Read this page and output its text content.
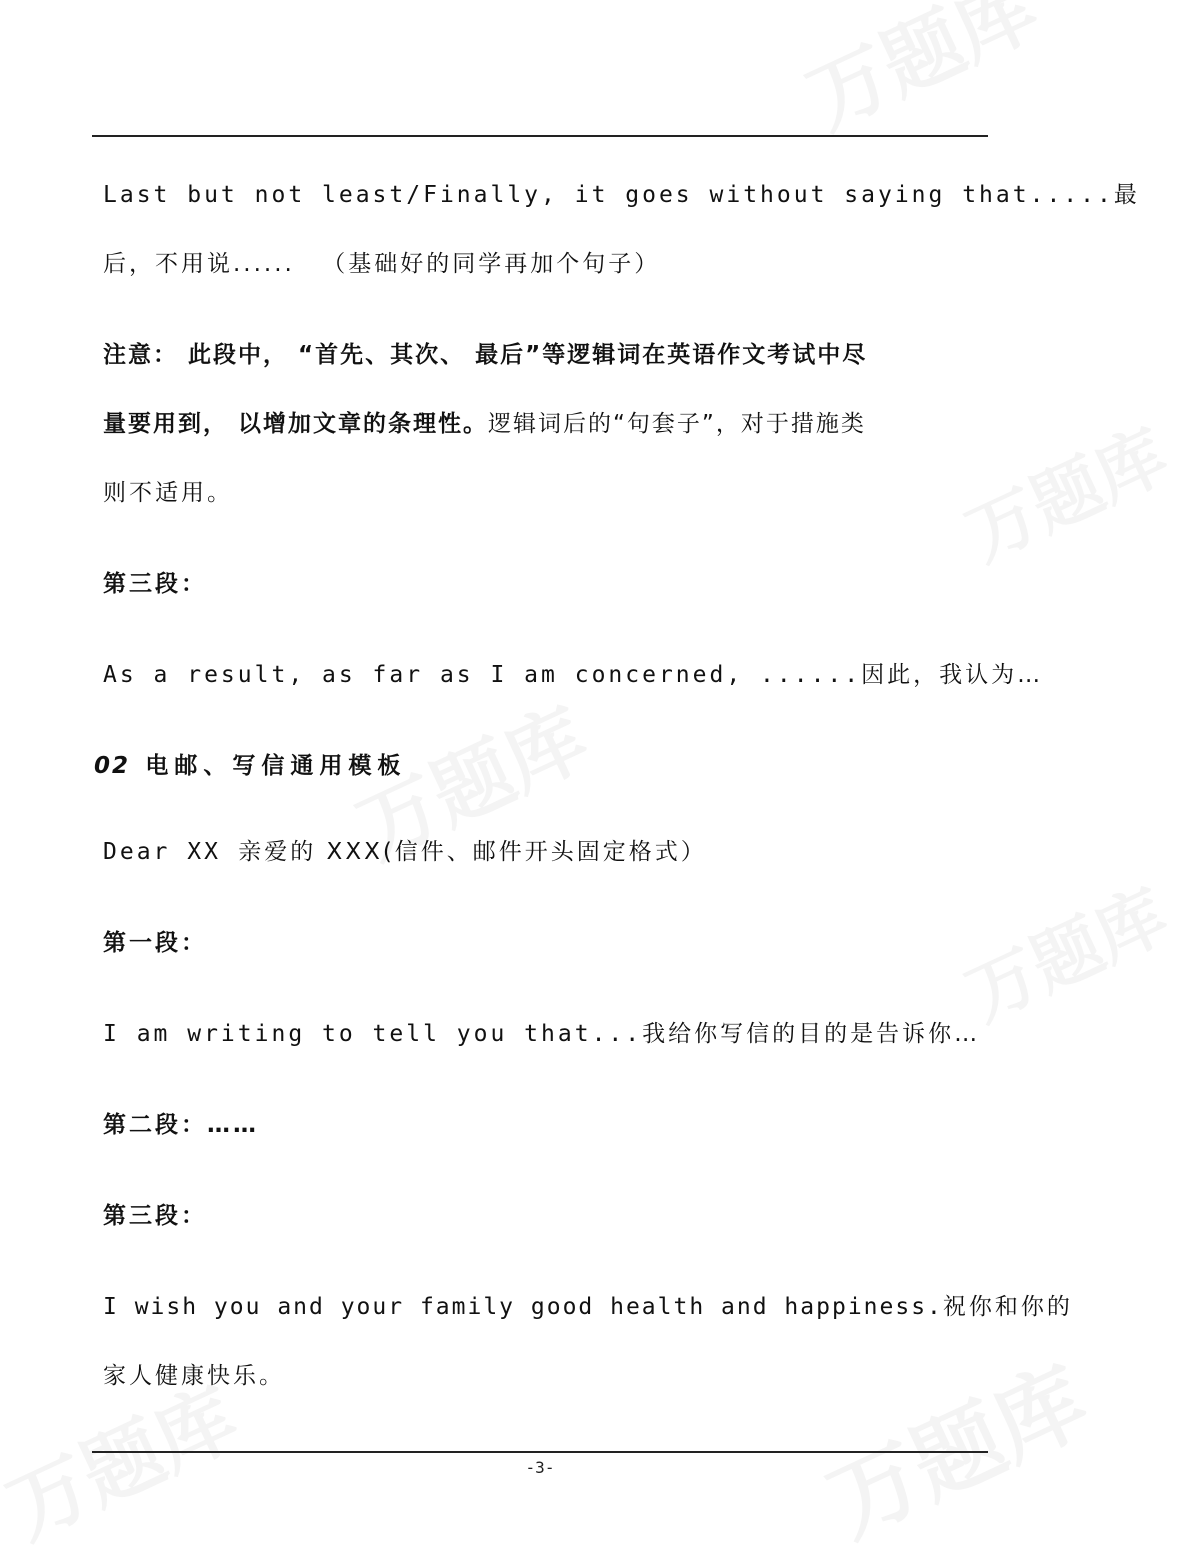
Last but not least/Finally, it goes without saying that..... 最
后，不用说...... （基础好的同学再加个句子）
注意： 此段中， “首先、其次、 最后”等逻辑词在英语作文考试中尽
量要用到， 以增加文章的条理性。逻辑词后的“句套子”，对于措施类
则不适用。
第三段：
As a result, as far as I am concerned, ......因此，我认为…
02 电邮、写信通用模板
Dear XX 亲爱的 XXX(信件、邮件开头固定格式）
第一段：
I am writing to tell you that...我给你写信的目的是告诉你…
第二段：……
第三段：
I wish you and your family good health and happiness. 祝你和你的
家人健康快乐。
-3-
